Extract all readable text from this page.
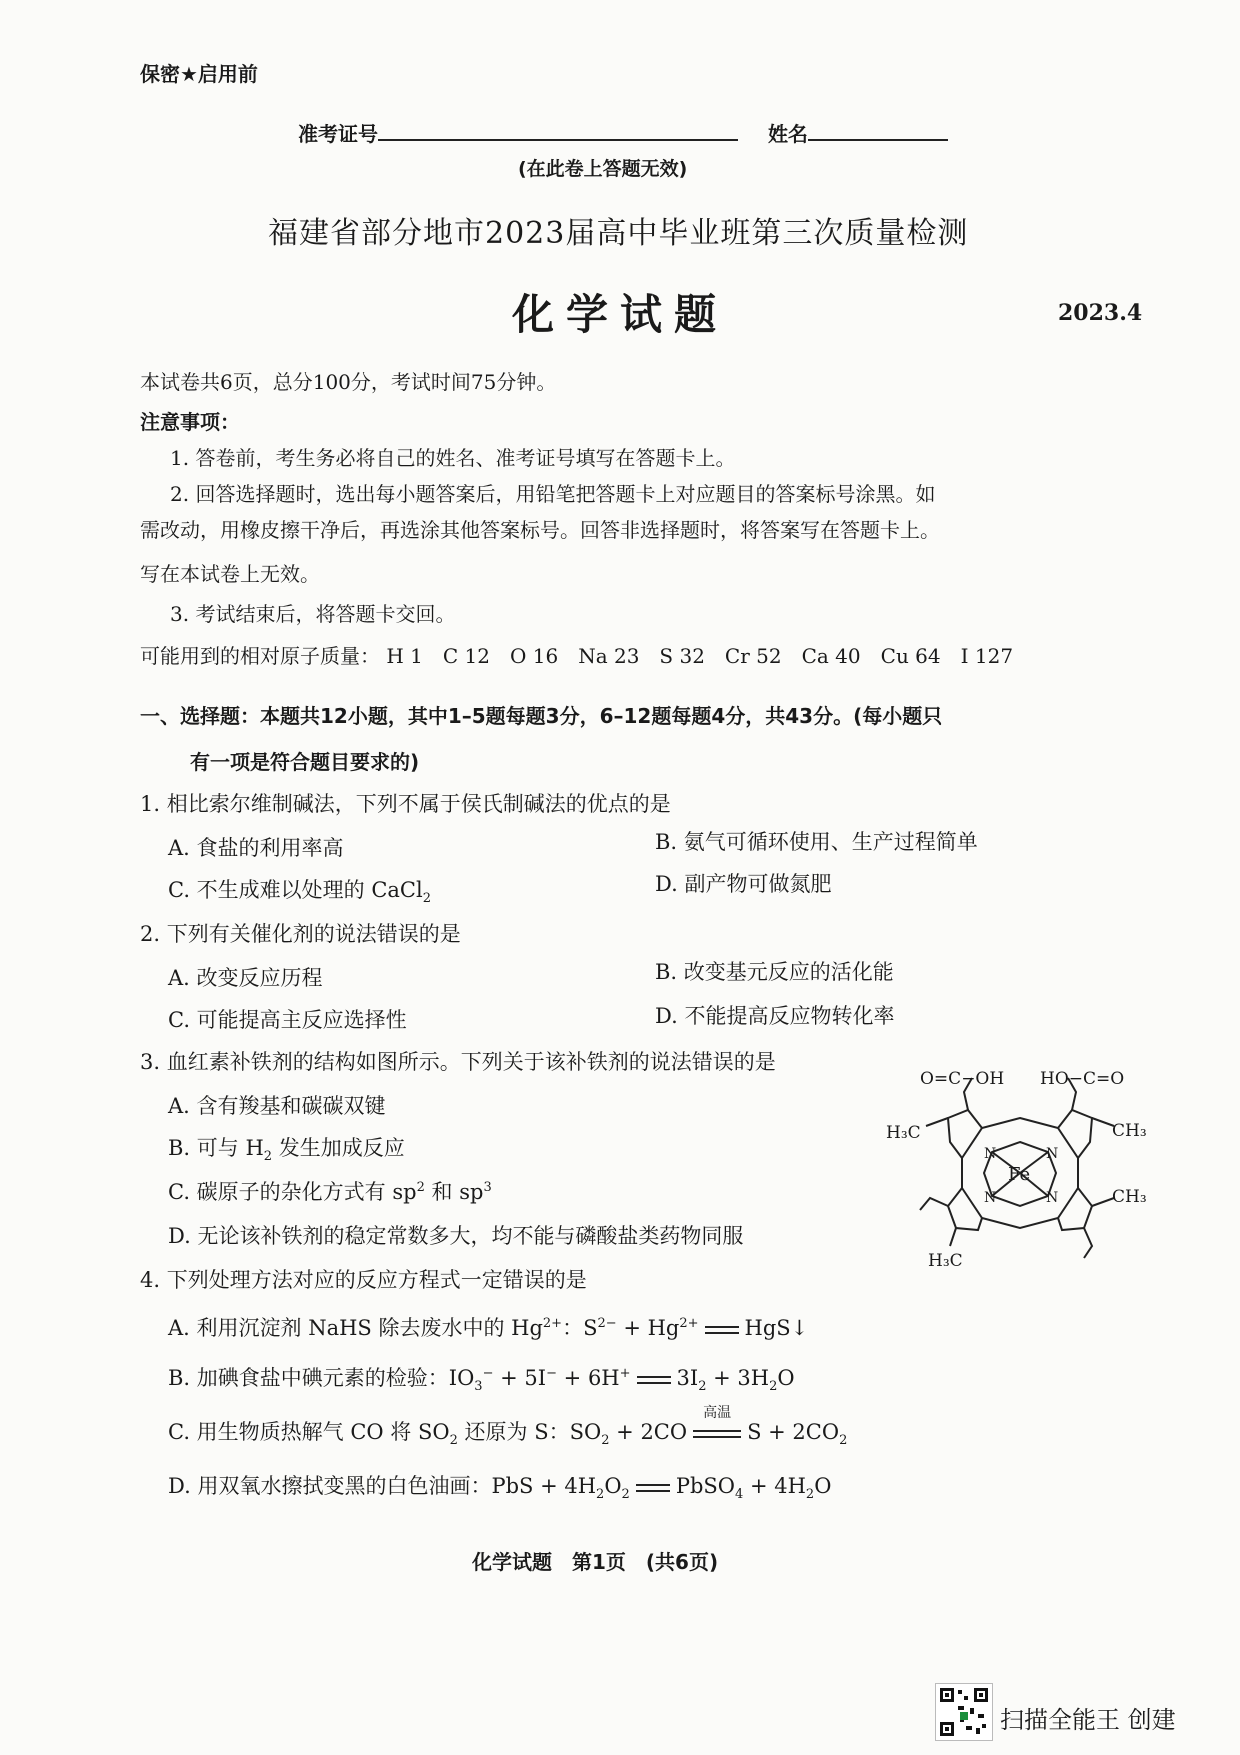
保密★启用前
准考证号	姓名
(在此卷上答题无效)
福建省部分地市2023届高中毕业班第三次质量检测
化学试题	2023.4
本试卷共6页，总分100分，考试时间75分钟。
注意事项：
1. 答卷前，考生务必将自己的姓名、准考证号填写在答题卡上。
2. 回答选择题时，选出每小题答案后，用铅笔把答题卡上对应题目的答案标号涂黑。如
需改动，用橡皮擦干净后，再选涂其他答案标号。回答非选择题时，将答案写在答题卡上。
写在本试卷上无效。
3. 考试结束后，将答题卡交回。
可能用到的相对原子质量： H 1　C 12　O 16　Na 23　S 32　Cr 52　Ca 40　Cu 64　I 127
一、选择题：本题共12小题，其中1–5题每题3分，6–12题每题4分，共43分。(每小题只
有一项是符合题目要求的)
1. 相比索尔维制碱法，下列不属于侯氏制碱法的优点的是
A. 食盐的利用率高	B. 氨气可循环使用、生产过程简单
C. 不生成难以处理的 CaCl$_2$
D. 副产物可做氮肥
2. 下列有关催化剂的说法错误的是
A. 改变反应历程	B. 改变基元反应的活化能
C. 可能提高主反应选择性	D. 不能提高反应物转化率
3. 血红素补铁剂的结构如图所示。下列关于该补铁剂的说法错误的是
A. 含有羧基和碳碳双键
B. 可与 $H_2$ 发生加成反应
C. 碳原子的杂化方式有 $sp^2$ 和 $sp^3$
D. 无论该补铁剂的稳定常数多大，均不能与磷酸盐类药物同服
O=C−OH HO−C=O
H₃C	CH₃
CH₃
H₃C
Fe
N	N
N	N
4. 下列处理方法对应的反应方程式一定错误的是
A. 利用沉淀剂 NaHS 除去废水中的 $Hg^{2+}$：$S^{2-} + Hg^{2+}$ HgS↓
B. 加碘食盐中碘元素的检验：$IO_3^- + 5I^- + 6H^+$ $3I_2 + 3H_2O$
C. 用生物质热解气 CO 将 $SO_2$ 还原为 S：$SO_2 + 2CO$
高温
$S + 2CO_2$
D. 用双氧水擦拭变黑的白色油画：PbS + $4H_2O_2$ PbSO$_4$ + $4H_2O$
化学试题　第1页　(共6页)
扫描全能王 创建
